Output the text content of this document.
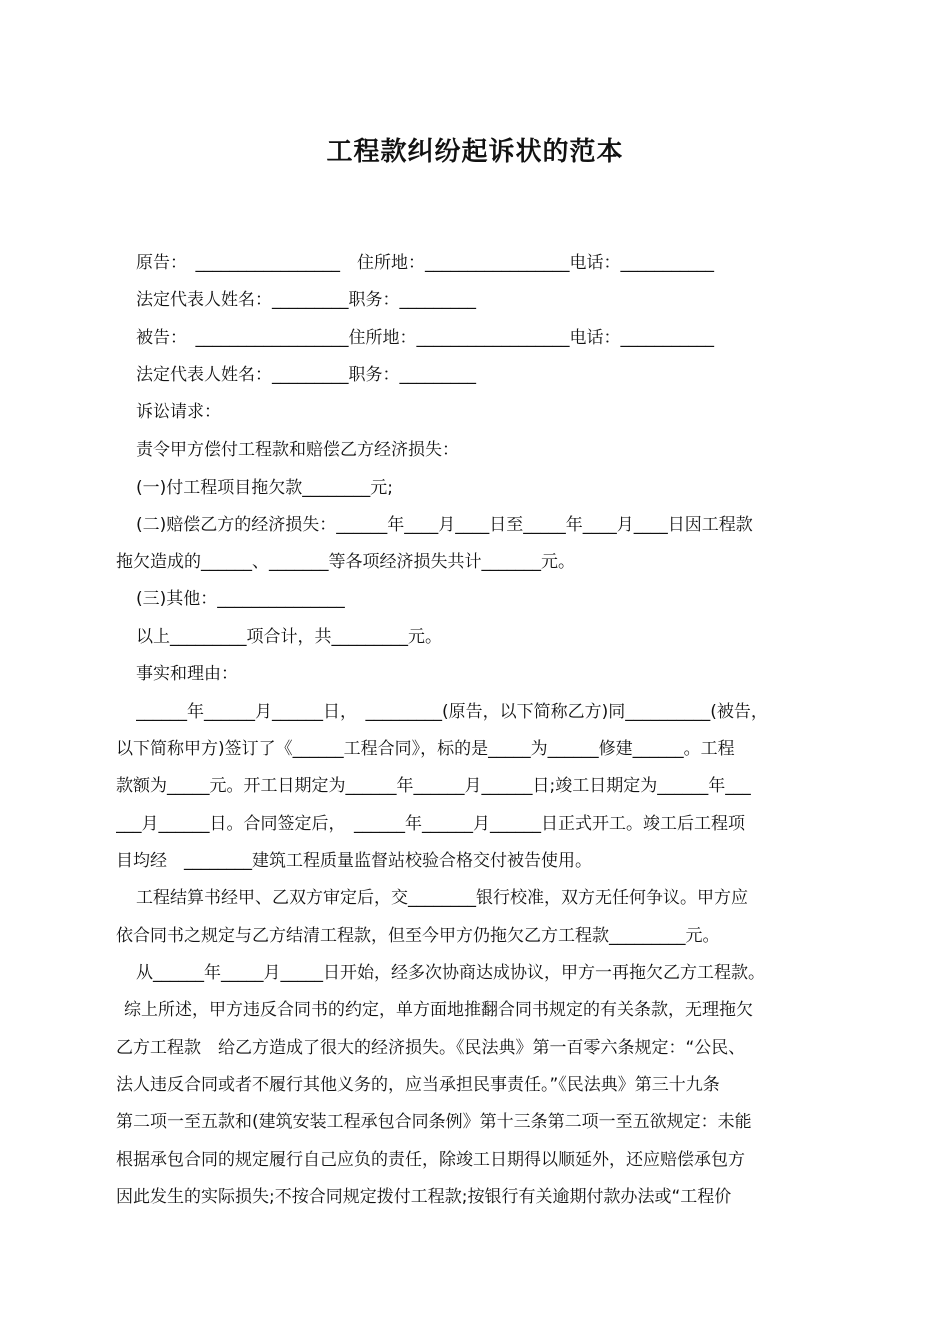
工程款纠纷起诉状的范本
原告：　_________________　住所地：_________________电话：___________
法定代表人姓名：_________职务：_________
被告：　__________________住所地：__________________电话：___________
法定代表人姓名：_________职务：_________
诉讼请求：
责令甲方偿付工程款和赔偿乙方经济损失：
(一)付工程项目拖欠款________元;
(二)赔偿乙方的经济损失：______年____月____日至_____年____月____日因工程款
拖欠造成的______、_______等各项经济损失共计_______元。
(三)其他：_______________
以上_________项合计，共_________元。
事实和理由：
______年______月______日，　_________(原告，以下简称乙方)同__________(被告，
以下简称甲方)签订了《______工程合同》，标的是_____为______修建______。工程
款额为_____元。开工日期定为______年______月______日;竣工日期定为______年___
___月______日。合同签定后，　______年______月______日正式开工。竣工后工程项
目均经　________建筑工程质量监督站校验合格交付被告使用。
工程结算书经甲、乙双方审定后，交________银行校准，双方无任何争议。甲方应
依合同书之规定与乙方结清工程款，但至今甲方仍拖欠乙方工程款_________元。
从______年_____月_____日开始，经多次协商达成协议，甲方一再拖欠乙方工程款。
综上所述，甲方违反合同书的约定，单方面地推翻合同书规定的有关条款，无理拖欠
乙方工程款　给乙方造成了很大的经济损失。《民法典》第一百零六条规定：“公民、
法人违反合同或者不履行其他义务的，应当承担民事责任。”《民法典》第三十九条
第二项一至五款和(建筑安装工程承包合同条例》第十三条第二项一至五欲规定：未能
根据承包合同的规定履行自己应负的责任，除竣工日期得以顺延外，还应赔偿承包方
因此发生的实际损失;不按合同规定拨付工程款;按银行有关逾期付款办法或“工程价
